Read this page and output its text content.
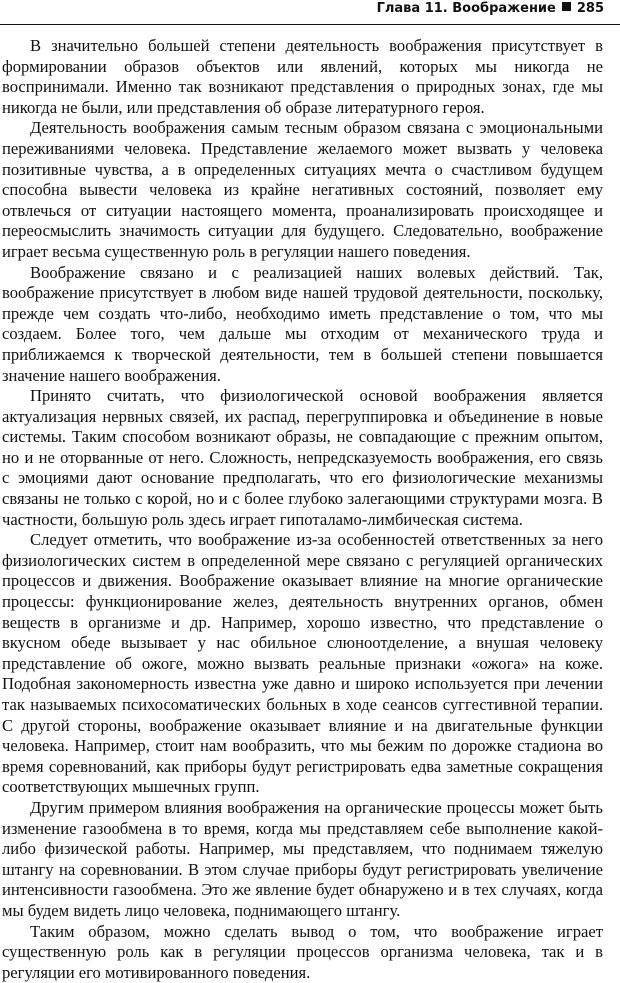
Глава 11. Воображение 285

В значительно большей степени деятельность воображения присутствует в формировании образов объектов или явлений, которых мы никогда не воспринимали. Именно так возникают представления о природных зонах, где мы никогда не были, или представления об образе литературного героя.

Деятельность воображения самым тесным образом связана с эмоциональными переживаниями человека. Представление желаемого может вызвать у человека позитивные чувства, а в определенных ситуациях мечта о счастливом будущем способна вывести человека из крайне негативных состояний, позволяет ему отвлечься от ситуации настоящего момента, проанализировать происходящее и переосмыслить значимость ситуации для будущего. Следовательно, воображение играет весьма существенную роль в регуляции нашего поведения.

Воображение связано и с реализацией наших волевых действий. Так, воображение присутствует в любом виде нашей трудовой деятельности, поскольку, прежде чем создать что-либо, необходимо иметь представление о том, что мы создаем. Более того, чем дальше мы отходим от механического труда и приближаемся к творческой деятельности, тем в большей степени повышается значение нашего воображения.

Принято считать, что физиологической основой воображения является актуализация нервных связей, их распад, перегруппировка и объединение в новые системы. Таким способом возникают образы, не совпадающие с прежним опытом, но и не оторванные от него. Сложность, непредсказуемость воображения, его связь с эмоциями дают основание предполагать, что его физиологические механизмы связаны не только с корой, но и с более глубоко залегающими структурами мозга. В частности, большую роль здесь играет гипоталамо-лимбическая система.

Следует отметить, что воображение из-за особенностей ответственных за него физиологических систем в определенной мере связано с регуляцией органических процессов и движения. Воображение оказывает влияние на многие органические процессы: функционирование желез, деятельность внутренних органов, обмен веществ в организме и др. Например, хорошо известно, что представление о вкусном обеде вызывает у нас обильное слюноотделение, а внушая человеку представление об ожоге, можно вызвать реальные признаки «ожога» на коже. Подобная закономерность известна уже давно и широко используется при лечении так называемых психосоматических больных в ходе сеансов суггестивной терапии. С другой стороны, воображение оказывает влияние и на двигательные функции человека. Например, стоит нам вообразить, что мы бежим по дорожке стадиона во время соревнований, как приборы будут регистрировать едва заметные сокращения соответствующих мышечных групп.

Другим примером влияния воображения на органические процессы может быть изменение газообмена в то время, когда мы представляем себе выполнение какой-либо физической работы. Например, мы представляем, что поднимаем тяжелую штангу на соревновании. В этом случае приборы будут регистрировать увеличение интенсивности газообмена. Это же явление будет обнаружено и в тех случаях, когда мы будем видеть лицо человека, поднимающего штангу.

Таким образом, можно сделать вывод о том, что воображение играет существенную роль как в регуляции процессов организма человека, так и в регуляции его мотивированного поведения.
